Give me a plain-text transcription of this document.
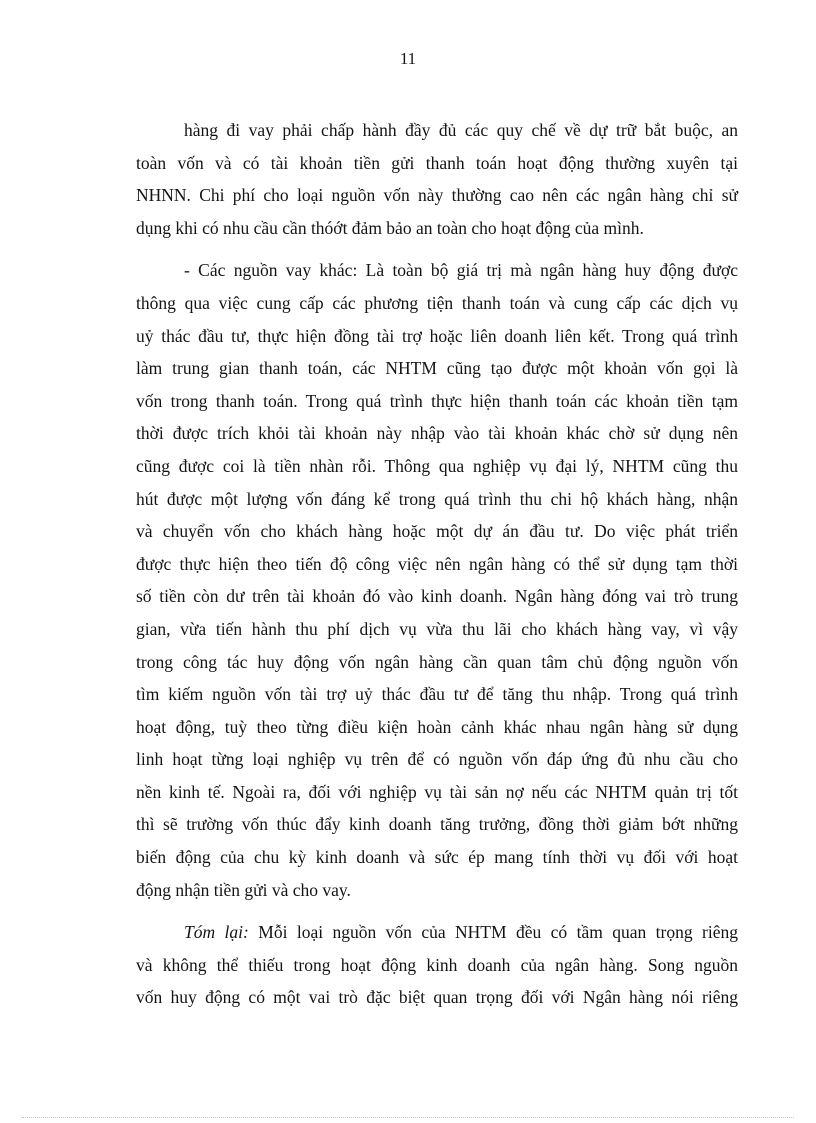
11
hàng đi vay phải chấp hành đầy đủ các quy chế về dự trữ bắt buộc, an
toàn vốn và có tài khoản tiền gửi thanh toán hoạt động thường xuyên tại
NHNN. Chi phí cho loại nguồn vốn này thường cao nên các ngân hàng chỉ sử
dụng khi có nhu cầu cần thóớt đảm bảo an toàn cho hoạt động của mình.
- Các nguồn vay khác: Là toàn bộ giá trị mà ngân hàng huy động được
thông qua việc cung cấp các phương tiện thanh toán và cung cấp các dịch vụ
uỷ thác đầu tư, thực hiện đồng tài trợ hoặc liên doanh liên kết. Trong quá trình
làm trung gian thanh toán, các NHTM cũng tạo được một khoản vốn gọi là
vốn trong thanh toán. Trong quá trình thực hiện thanh toán các khoản tiền tạm
thời được trích khỏi tài khoản này nhập vào tài khoản khác chờ sử dụng nên
cũng được coi là tiền nhàn rỗi. Thông qua nghiệp vụ đại lý, NHTM cũng thu
hút được một lượng vốn đáng kể trong quá trình thu chi hộ khách hàng, nhận
và chuyển vốn cho khách hàng hoặc một dự án đầu tư. Do việc phát triển
được thực hiện theo tiến độ công việc nên ngân hàng có thể sử dụng tạm thời
số tiền còn dư trên tài khoản đó vào kinh doanh. Ngân hàng đóng vai trò trung
gian, vừa tiến hành thu phí dịch vụ vừa thu lãi cho khách hàng vay, vì vậy
trong công tác huy động vốn ngân hàng cần quan tâm chủ động nguồn vốn
tìm kiếm nguồn vốn tài trợ uỷ thác đầu tư để tăng thu nhập. Trong quá trình
hoạt động, tuỳ theo từng điều kiện hoàn cảnh khác nhau ngân hàng sử dụng
linh hoạt từng loại nghiệp vụ trên để có nguồn vốn đáp ứng đủ nhu cầu cho
nền kinh tế. Ngoài ra, đối với nghiệp vụ tài sản nợ nếu các NHTM quản trị tốt
thì sẽ trường vốn thúc đẩy kinh doanh tăng trưởng, đồng thời giảm bớt những
biến động của chu kỳ kinh doanh và sức ép mang tính thời vụ đối với hoạt
động nhận tiền gửi và cho vay.
Tóm lại: Mỗi loại nguồn vốn của NHTM đều có tầm quan trọng riêng
và không thể thiếu trong hoạt động kinh doanh của ngân hàng. Song nguồn
vốn huy động có một vai trò đặc biệt quan trọng đối với Ngân hàng nói riêng
